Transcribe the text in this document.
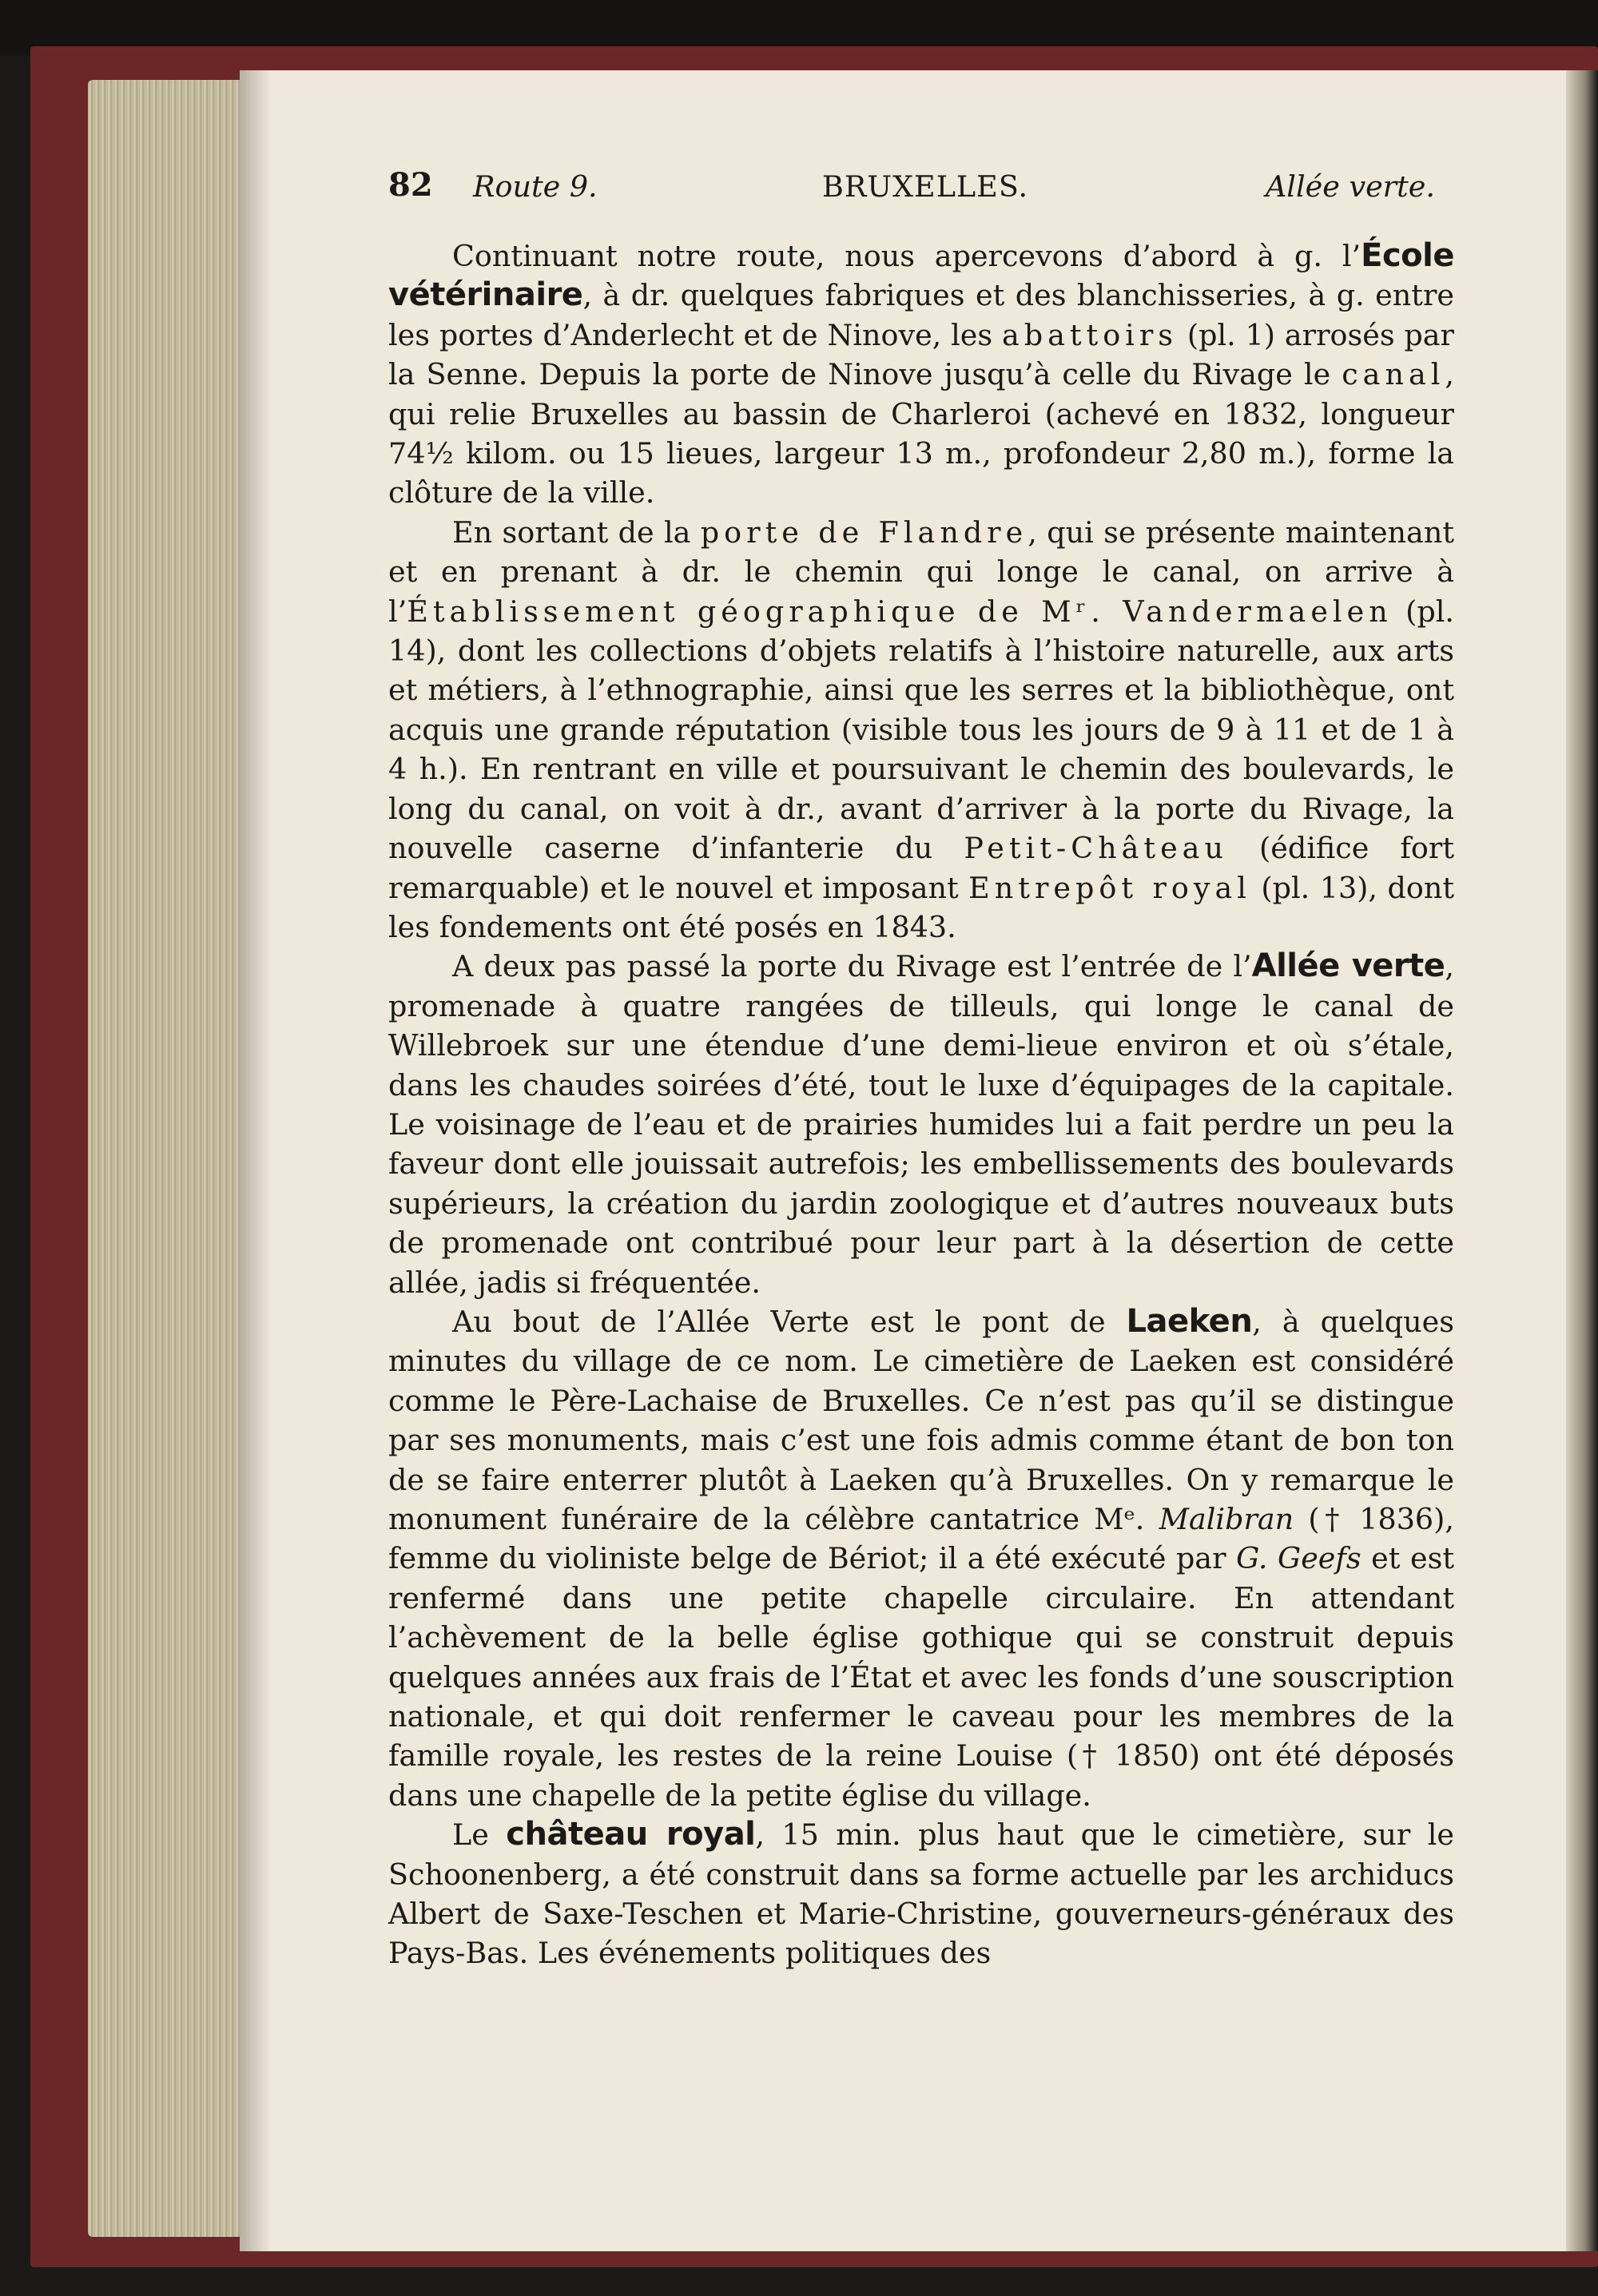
82 Route 9.	BRUXELLES.	Allée verte.

Continuant notre route, nous apercevons d’abord à g. l’École vétérinaire, à dr. quelques fabriques et des blanchisseries, à g. entre les portes d’Anderlecht et de Ninove, les abattoirs (pl. 1) arrosés par la Senne. Depuis la porte de Ninove jusqu’à celle du Rivage le canal, qui relie Bruxelles au bassin de Charleroi (achevé en 1832, longueur 74½ kilom. ou 15 lieues, largeur 13 m., profondeur 2,80 m.), forme la clôture de la ville.

En sortant de la porte de Flandre, qui se présente maintenant et en prenant à dr. le chemin qui longe le canal, on arrive à l’Établissement géographique de Mʳ. Vandermaelen (pl. 14), dont les collections d’objets relatifs à l’histoire naturelle, aux arts et métiers, à l’ethnographie, ainsi que les serres et la bibliothèque, ont acquis une grande réputation (visible tous les jours de 9 à 11 et de 1 à 4 h.). En rentrant en ville et poursuivant le chemin des boulevards, le long du canal, on voit à dr., avant d’arriver à la porte du Rivage, la nouvelle caserne d’infanterie du Petit-Château (édifice fort remarquable) et le nouvel et imposant Entrepôt royal (pl. 13), dont les fondements ont été posés en 1843.

A deux pas passé la porte du Rivage est l’entrée de l’Allée verte, promenade à quatre rangées de tilleuls, qui longe le canal de Willebroek sur une étendue d’une demi-lieue environ et où s’étale, dans les chaudes soirées d’été, tout le luxe d’équipages de la capitale. Le voisinage de l’eau et de prairies humides lui a fait perdre un peu la faveur dont elle jouissait autrefois; les embellissements des boulevards supérieurs, la création du jardin zoologique et d’autres nouveaux buts de promenade ont contribué pour leur part à la désertion de cette allée, jadis si fréquentée.

Au bout de l’Allée Verte est le pont de Laeken, à quelques minutes du village de ce nom. Le cimetière de Laeken est considéré comme le Père-Lachaise de Bruxelles. Ce n’est pas qu’il se distingue par ses monuments, mais c’est une fois admis comme étant de bon ton de se faire enterrer plutôt à Laeken qu’à Bruxelles. On y remarque le monument funéraire de la célèbre cantatrice Mᵉ. Malibran († 1836), femme du violiniste belge de Bériot; il a été exécuté par G. Geefs et est renfermé dans une petite chapelle circulaire. En attendant l’achèvement de la belle église gothique qui se construit depuis quelques années aux frais de l’État et avec les fonds d’une souscription nationale, et qui doit renfermer le caveau pour les membres de la famille royale, les restes de la reine Louise († 1850) ont été déposés dans une chapelle de la petite église du village.

Le château royal, 15 min. plus haut que le cimetière, sur le Schoonenberg, a été construit dans sa forme actuelle par les archiducs Albert de Saxe-Teschen et Marie-Christine, gouverneurs-généraux des Pays-Bas. Les événements politiques des
